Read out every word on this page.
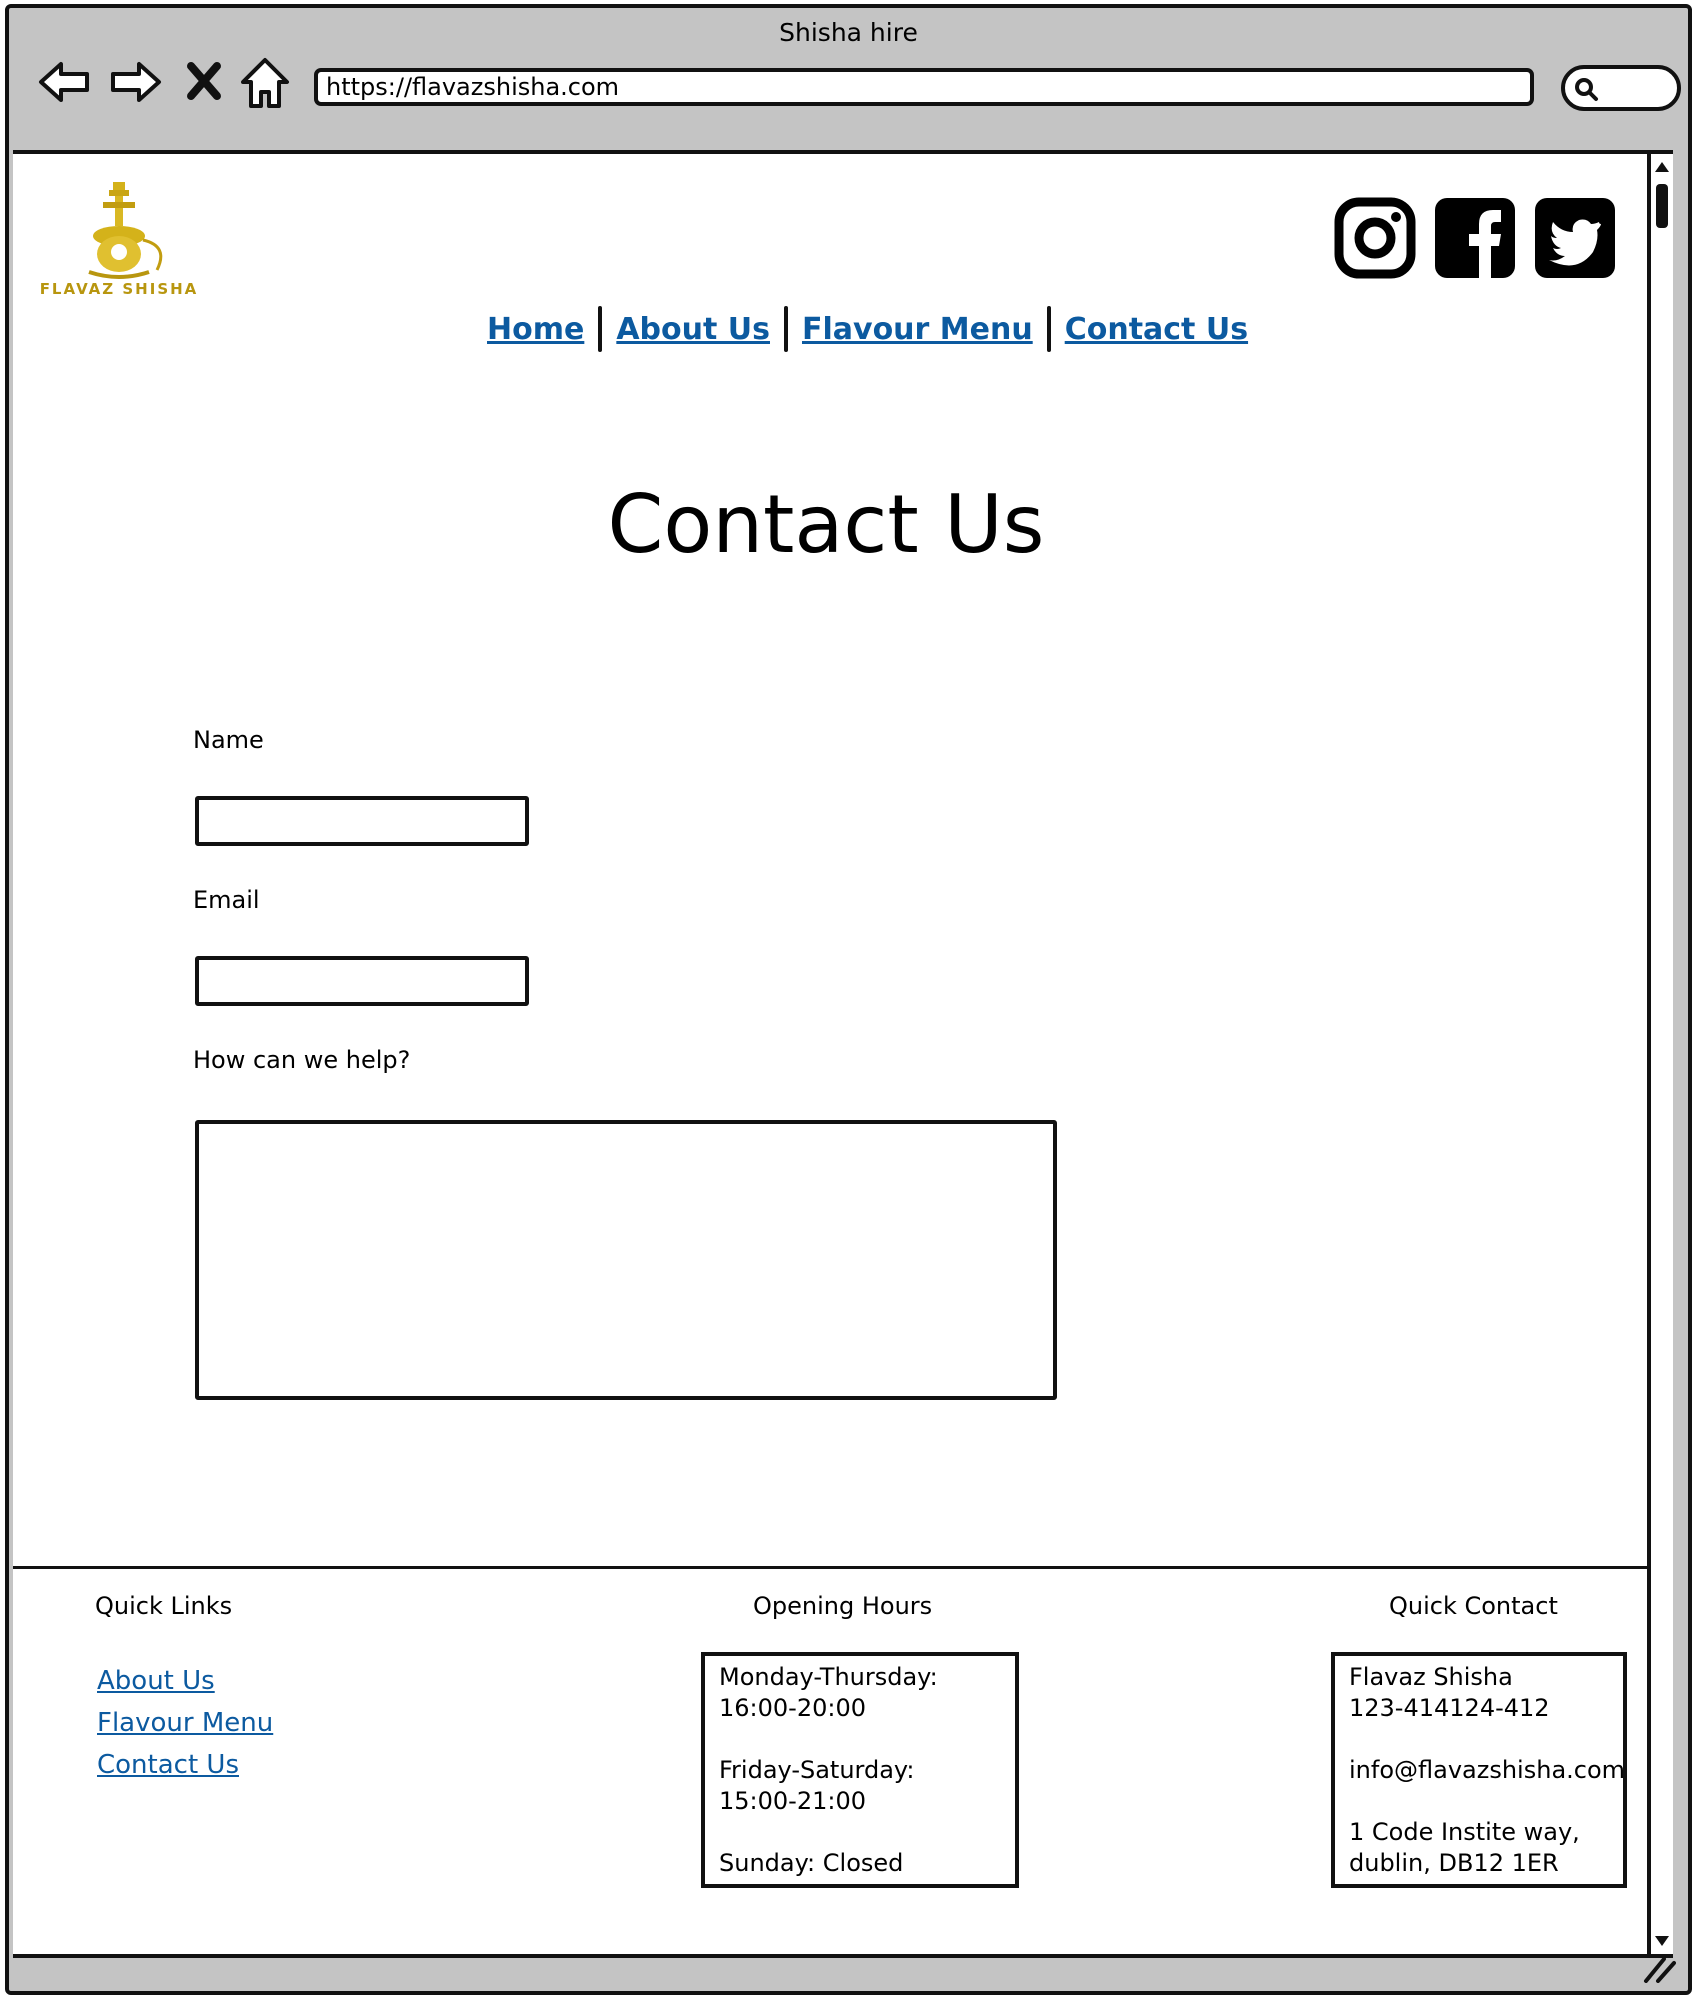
Shisha hire
https://flavazshisha.com
FLAVAZ SHISHA
Home	About Us	Flavour Menu	Contact Us
Contact Us
Name
Email
How can we help?
Quick Links
About Us
Flavour Menu
Contact Us
Opening Hours
Monday-Thursday:
16:00-20:00
Friday-Saturday:
15:00-21:00
Sunday: Closed
Quick Contact
Flavaz Shisha
123-414124-412
info@flavazshisha.com
1 Code Instite way,
dublin, DB12 1ER
